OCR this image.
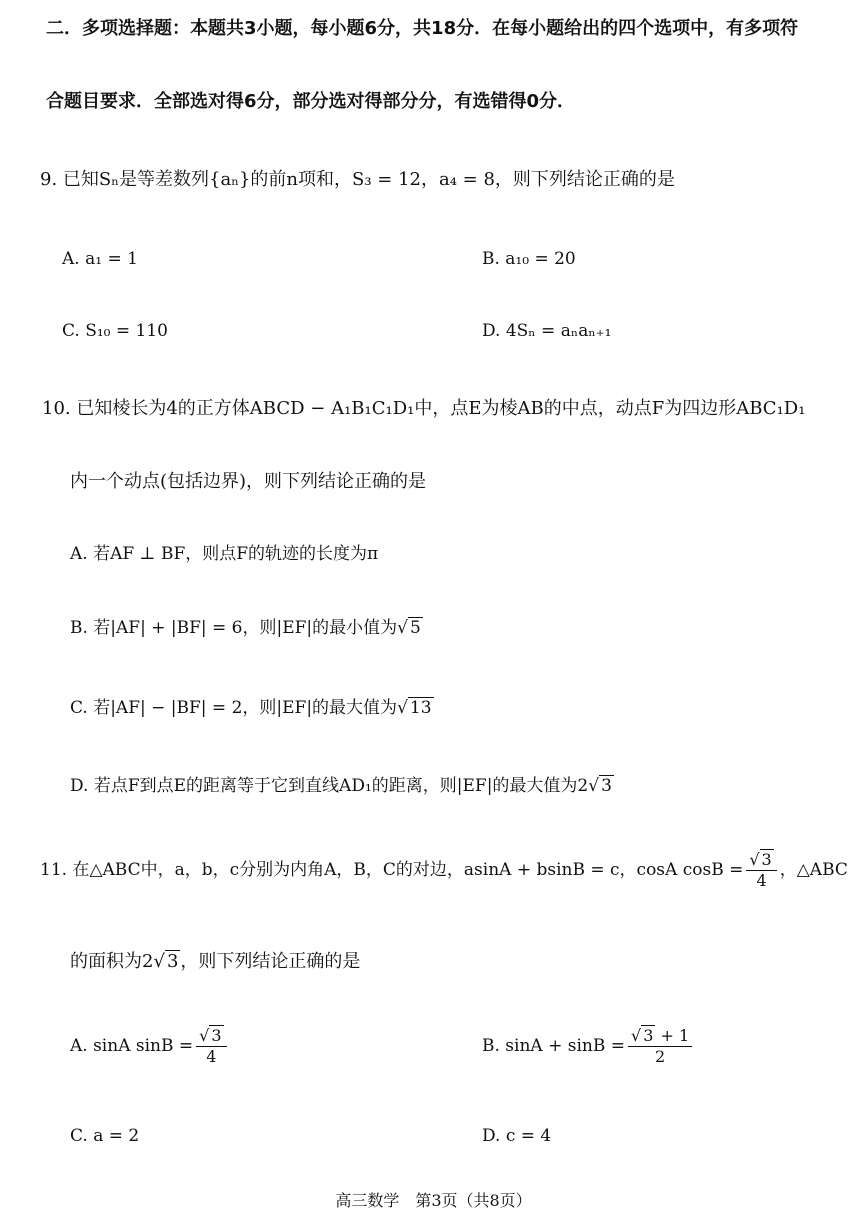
二．多项选择题：本题共3小题，每小题6分，共18分．在每小题给出的四个选项中，有多项符
合题目要求．全部选对得6分，部分选对得部分分，有选错得0分．
9. 已知Sₙ是等差数列{aₙ}的前n项和，S₃ = 12，a₄ = 8，则下列结论正确的是
A. a₁ = 1	B. a₁₀ = 20
C. S₁₀ = 110	D. 4Sₙ = aₙaₙ₊₁
10. 已知棱长为4的正方体ABCD − A₁B₁C₁D₁中，点E为棱AB的中点，动点F为四边形ABC₁D₁
内一个动点(包括边界)，则下列结论正确的是
A. 若AF ⊥ BF，则点F的轨迹的长度为π
B. 若|AF| + |BF| = 6，则|EF|的最小值为√ 5
C. 若|AF| − |BF| = 2，则|EF|的最大值为√ 13
D. 若点F到点E的距离等于它到直线AD₁的距离，则|EF|的最大值为2√ 3
11. 在△ABC中，a，b，c分别为内角A，B，C的对边，asinA + bsinB = c，cosA $\cos B = \frac{√ 3}{4}$ ，△ABC
的面积为2√ 3 ，则下列结论正确的是
A. sinA $\sin B = \frac{√ 3}{4}$	B. $\sin A + \sin B = \frac{√ 3 + 1}{2}$
C. a = 2	D. c = 4
高三数学　第3页（共8页）
